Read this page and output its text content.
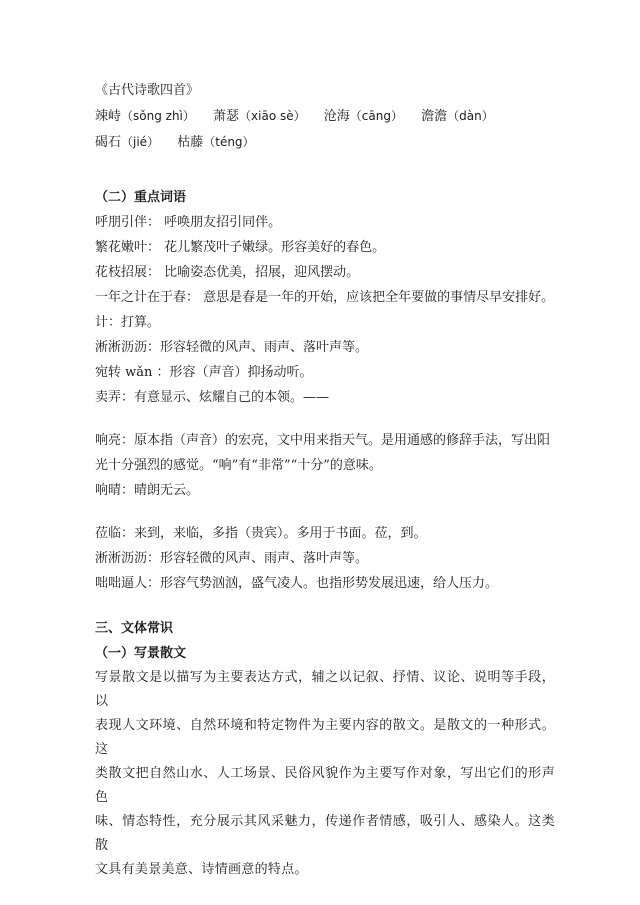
《古代诗歌四首》
竦峙（sǒng zhì） 萧瑟（xiāo sè） 沧海（cāng） 澹澹（dàn）
碣石（jié） 枯藤（téng）
（二）重点词语
呼朋引伴： 呼唤朋友招引同伴。
繁花嫩叶： 花儿繁茂叶子嫩绿。形容美好的春色。
花枝招展： 比喻姿态优美，招展，迎风摆动。
一年之计在于春： 意思是春是一年的开始，应该把全年要做的事情尽早安排好。
计：打算。
淅淅沥沥：形容轻微的风声、雨声、落叶声等。
宛转 wǎn ：形容（声音）抑扬动听。
卖弄：有意显示、炫耀自己的本领。——
响亮：原本指（声音）的宏亮，文中用来指天气。是用通感的修辞手法，写出阳
光十分强烈的感觉。“响”有“非常”“十分”的意味。
响晴：晴朗无云。
莅临：来到，来临，多指（贵宾）。多用于书面。莅，到。
淅淅沥沥：形容轻微的风声、雨声、落叶声等。
咄咄逼人：形容气势汹汹，盛气凌人。也指形势发展迅速，给人压力。
三、文体常识
（一）写景散文
写景散文是以描写为主要表达方式，辅之以记叙、抒情、议论、说明等手段，以
表现人文环境、自然环境和特定物件为主要内容的散文。是散文的一种形式。这
类散文把自然山水、人工场景、民俗风貌作为主要写作对象，写出它们的形声色
味、情态特性，充分展示其风采魅力，传递作者情感，吸引人、感染人。这类散
文具有美景美意、诗情画意的特点。
